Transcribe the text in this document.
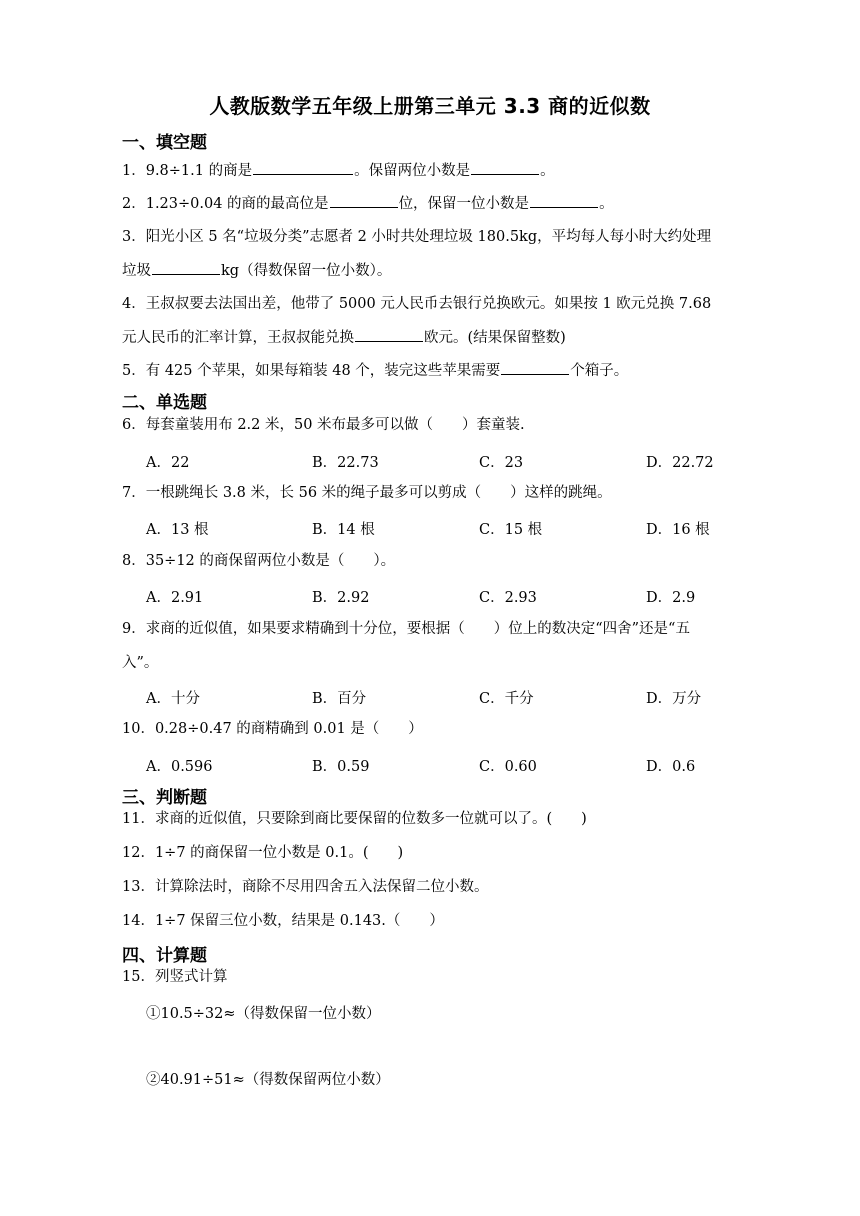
人教版数学五年级上册第三单元 3.3 商的近似数
一、填空题
1．9.8÷1.1 的商是	。保留两位小数是	。
2．1.23÷0.04 的商的最高位是	位，保留一位小数是	。
3．阳光小区 5 名“垃圾分类”志愿者 2 小时共处理垃圾 180.5kg，平均每人每小时大约处理
垃圾	kg（得数保留一位小数）。
4．王叔叔要去法国出差，他带了 5000 元人民币去银行兑换欧元。如果按 1 欧元兑换 7.68
元人民币的汇率计算，王叔叔能兑换	欧元。(结果保留整数)
5．有 425 个苹果，如果每箱装 48 个，装完这些苹果需要	个箱子。
二、单选题
6．每套童装用布 2.2 米，50 米布最多可以做（　　）套童装.
A．22	B．22.73	C．23	D．22.72
7．一根跳绳长 3.8 米，长 56 米的绳子最多可以剪成（　　）这样的跳绳。
A．13 根	B．14 根	C．15 根	D．16 根
8．35÷12 的商保留两位小数是（　　）。
A．2.91	B．2.92	C．2.93	D．2.9
9．求商的近似值，如果要求精确到十分位，要根据（　　）位上的数决定“四舍”还是“五
入”。
A．十分	B．百分	C．千分	D．万分
10．0.28÷0.47 的商精确到 0.01 是（　　）
A．0.596	B．0.59	C．0.60	D．0.6
三、判断题
11．求商的近似值，只要除到商比要保留的位数多一位就可以了。(　　)
12．1÷7 的商保留一位小数是 0.1。(　　)
13．计算除法时，商除不尽用四舍五入法保留二位小数。
14．1÷7 保留三位小数，结果是 0.143.（　　）
四、计算题
15．列竖式计算
①10.5÷32≈（得数保留一位小数）
②40.91÷51≈（得数保留两位小数）
